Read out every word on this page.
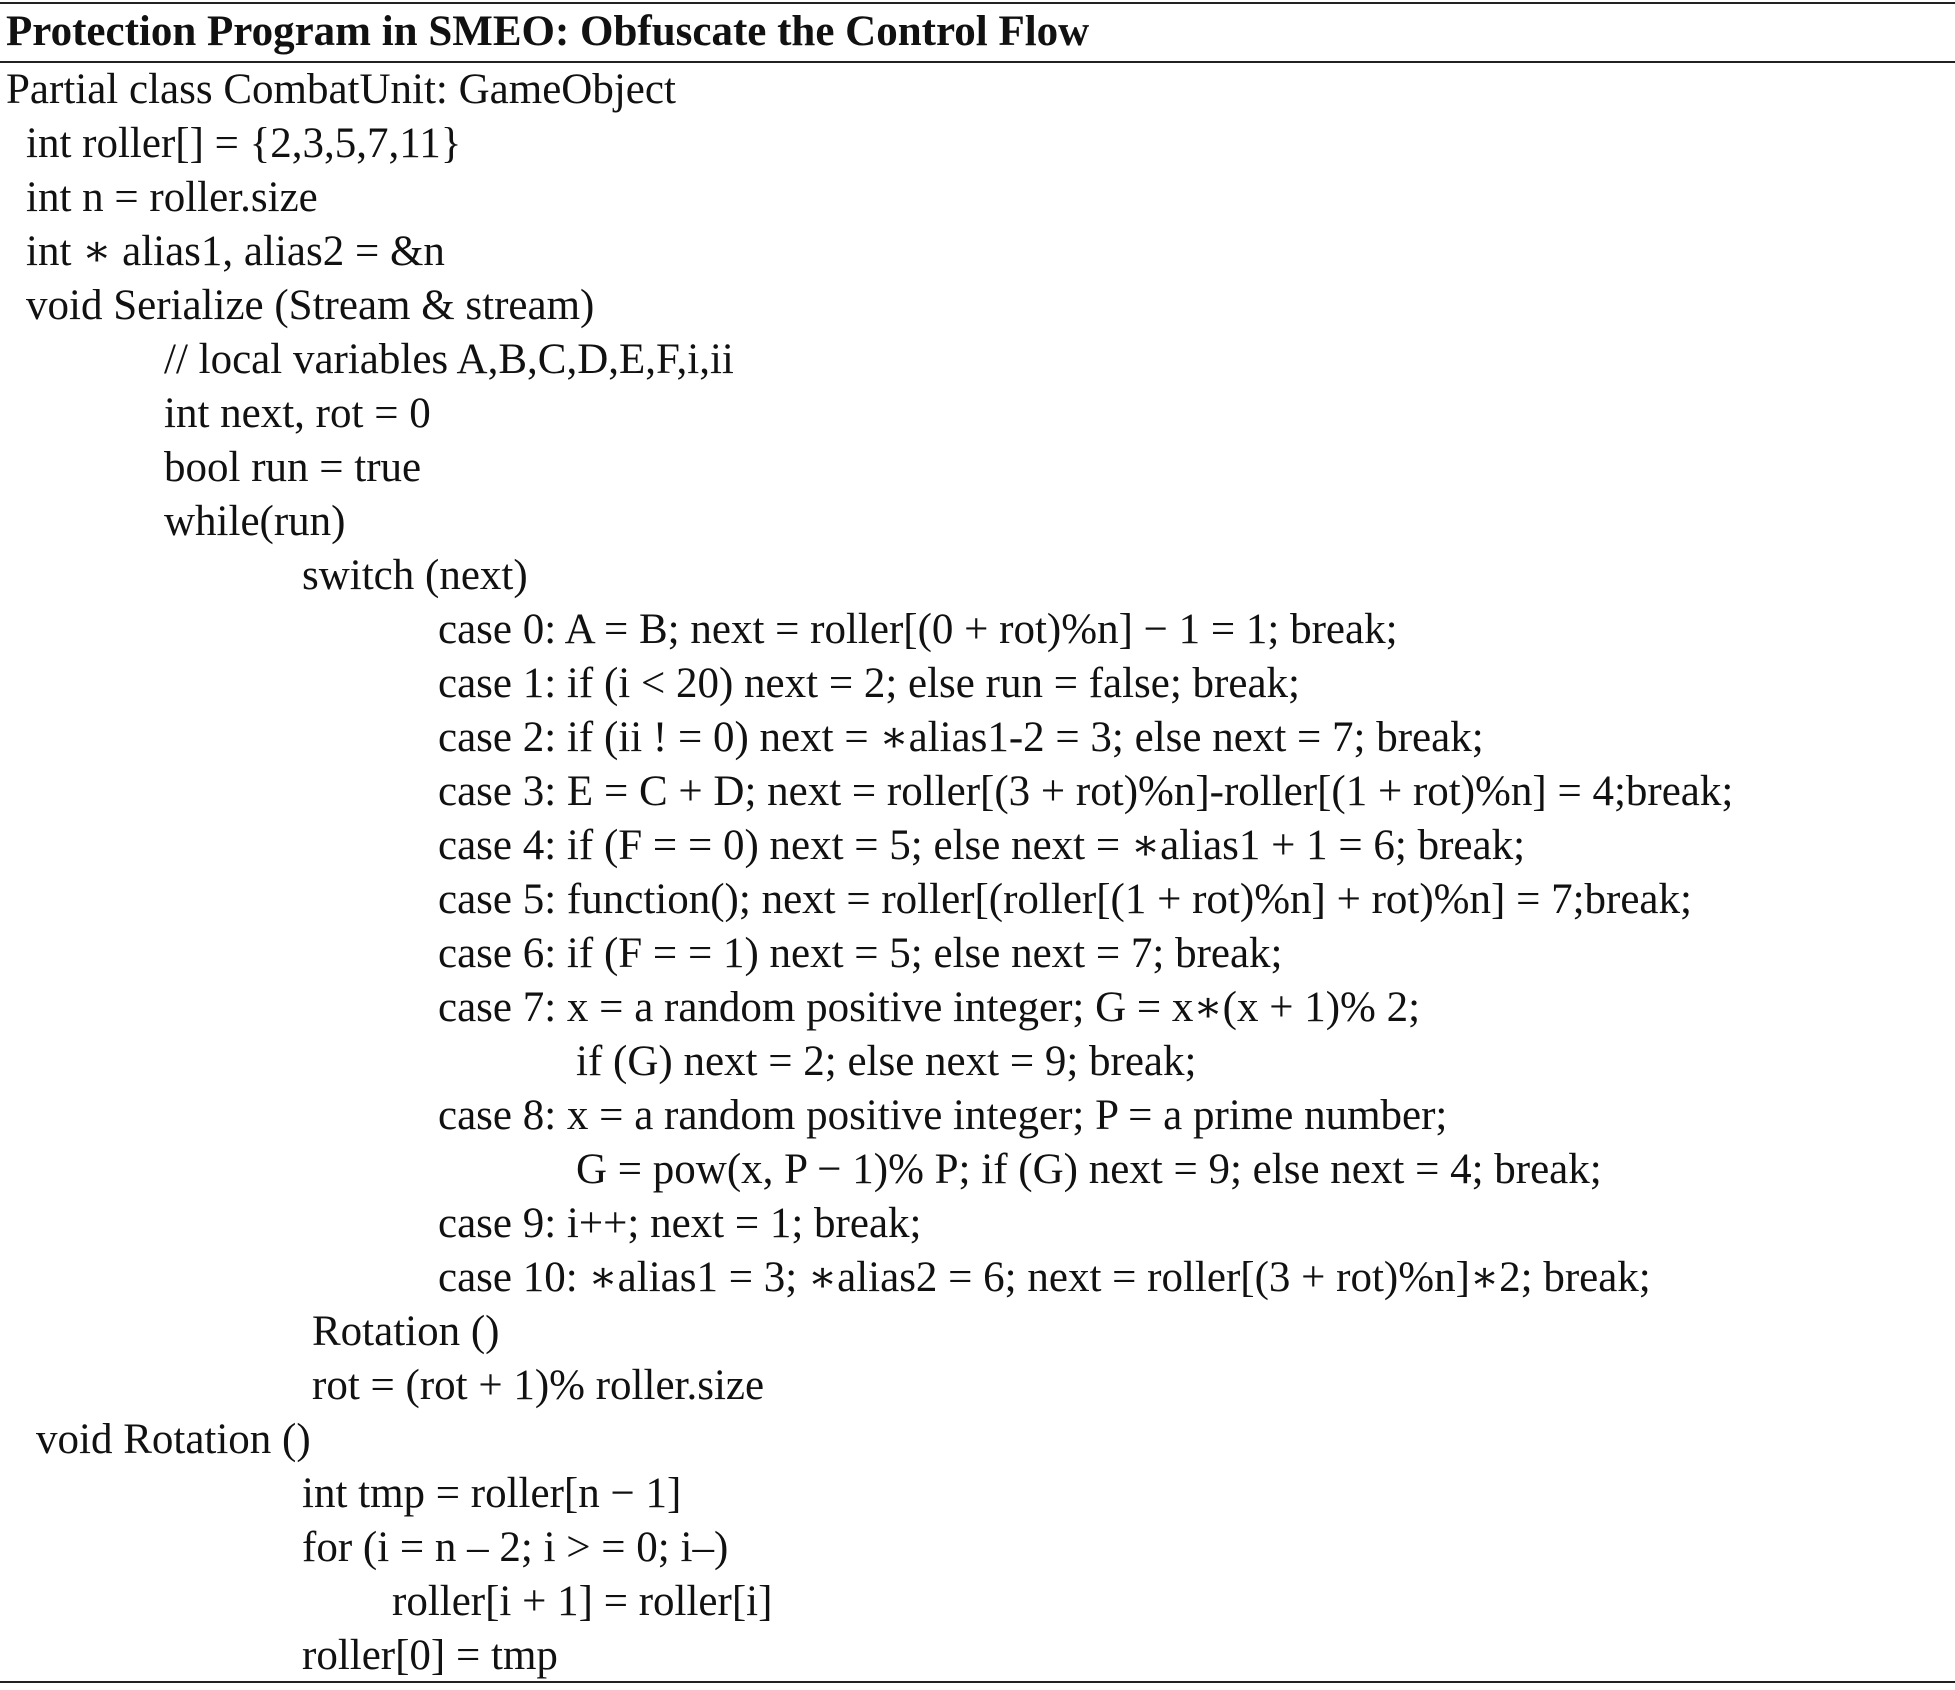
Protection Program in SMEO: Obfuscate the Control Flow
Partial class CombatUnit: GameObject
int roller[] = {2,3,5,7,11}
int n = roller.size
int ∗ alias1, alias2 = &n
void Serialize (Stream & stream)
// local variables A,B,C,D,E,F,i,ii
int next, rot = 0
bool run = true
while(run)
switch (next)
case 0: A = B; next = roller[(0 + rot)%n] − 1 = 1; break;
case 1: if (i < 20) next = 2; else run = false; break;
case 2: if (ii ! = 0) next = ∗alias1-2 = 3; else next = 7; break;
case 3: E = C + D; next = roller[(3 + rot)%n]-roller[(1 + rot)%n] = 4;break;
case 4: if (F = = 0) next = 5; else next = ∗alias1 + 1 = 6; break;
case 5: function(); next = roller[(roller[(1 + rot)%n] + rot)%n] = 7;break;
case 6: if (F = = 1) next = 5; else next = 7; break;
case 7: x = a random positive integer; G = x∗(x + 1)% 2;
if (G) next = 2; else next = 9; break;
case 8: x = a random positive integer; P = a prime number;
G = pow(x, P − 1)% P; if (G) next = 9; else next = 4; break;
case 9: i++; next = 1; break;
case 10: ∗alias1 = 3; ∗alias2 = 6; next = roller[(3 + rot)%n]∗2; break;
Rotation ()
rot = (rot + 1)% roller.size
void Rotation ()
int tmp = roller[n − 1]
for (i = n – 2; i > = 0; i–)
roller[i + 1] = roller[i]
roller[0] = tmp
